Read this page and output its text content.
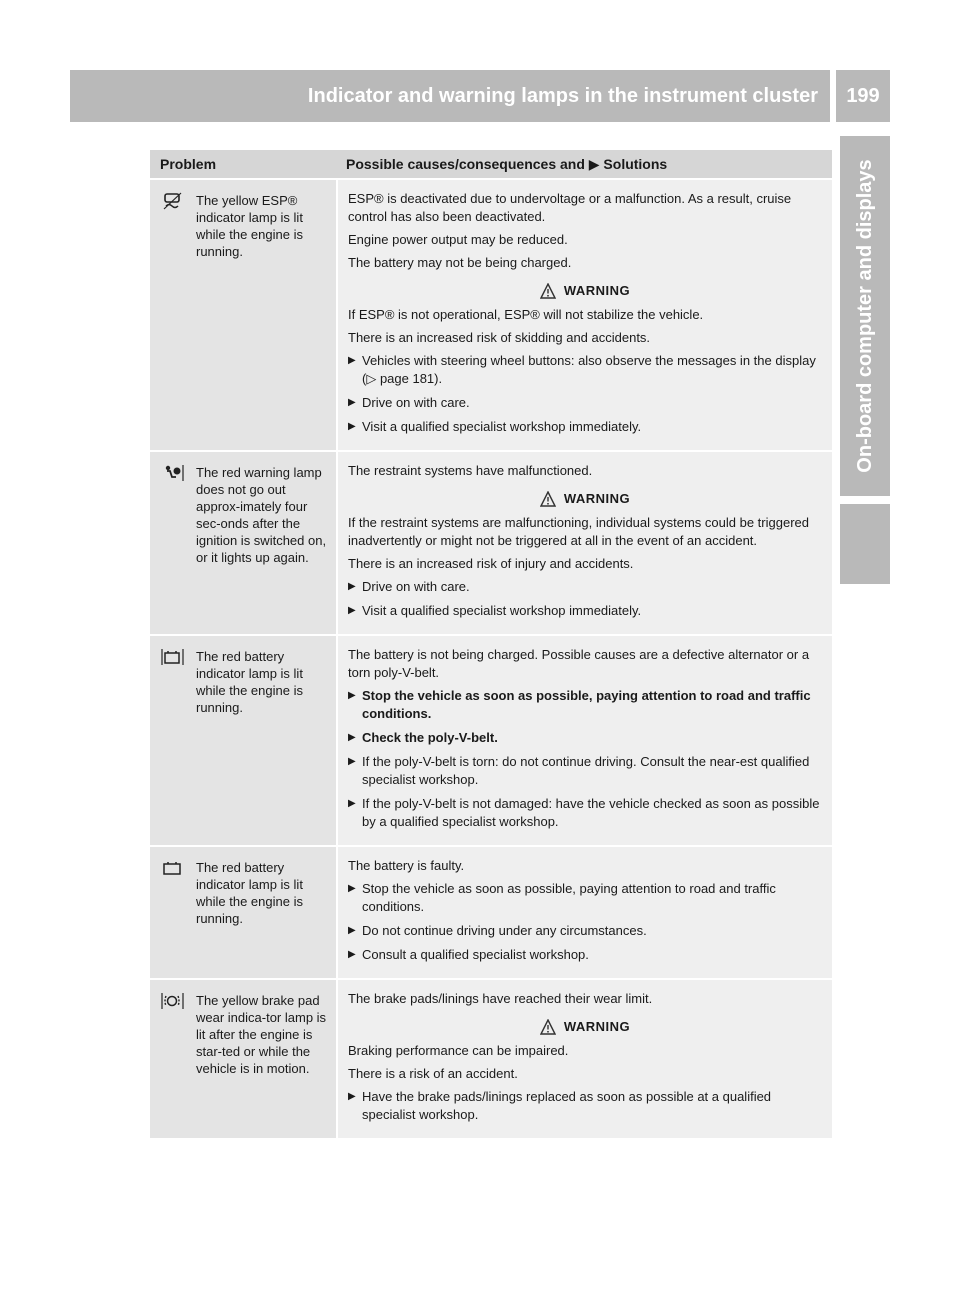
Indicator and warning lamps in the instrument cluster 199
On-board computer and displays
Problem	Possible causes/consequences and ▶ Solutions
The yellow ESP® indicator lamp is lit while the engine is running.

ESP® is deactivated due to undervoltage or a malfunction. As a result, cruise control has also been deactivated.

Engine power output may be reduced.

The battery may not be being charged.

WARNING

If ESP® is not operational, ESP® will not stabilize the vehicle.

There is an increased risk of skidding and accidents.

▶ Vehicles with steering wheel buttons: also observe the messages in the display (▷ page 181).
▶ Drive on with care.
▶ Visit a qualified specialist workshop immediately.
The red warning lamp does not go out approx-imately four sec-onds after the ignition is switched on, or it lights up again.

The restraint systems have malfunctioned.

WARNING

If the restraint systems are malfunctioning, individual systems could be triggered inadvertently or might not be triggered at all in the event of an accident.

There is an increased risk of injury and accidents.

▶ Drive on with care.
▶ Visit a qualified specialist workshop immediately.
The red battery indicator lamp is lit while the engine is running.

The battery is not being charged. Possible causes are a defective alternator or a torn poly-V-belt.

▶ Stop the vehicle as soon as possible, paying attention to road and traffic conditions.
▶ Check the poly-V-belt.
▶ If the poly-V-belt is torn: do not continue driving. Consult the near-est qualified specialist workshop.
▶ If the poly-V-belt is not damaged: have the vehicle checked as soon as possible by a qualified specialist workshop.
The red battery indicator lamp is lit while the engine is running.

The battery is faulty.

▶ Stop the vehicle as soon as possible, paying attention to road and traffic conditions.
▶ Do not continue driving under any circumstances.
▶ Consult a qualified specialist workshop.
The yellow brake pad wear indica-tor lamp is lit after the engine is star-ted or while the vehicle is in motion.

The brake pads/linings have reached their wear limit.

WARNING

Braking performance can be impaired.

There is a risk of an accident.

▶ Have the brake pads/linings replaced as soon as possible at a qualified specialist workshop.
